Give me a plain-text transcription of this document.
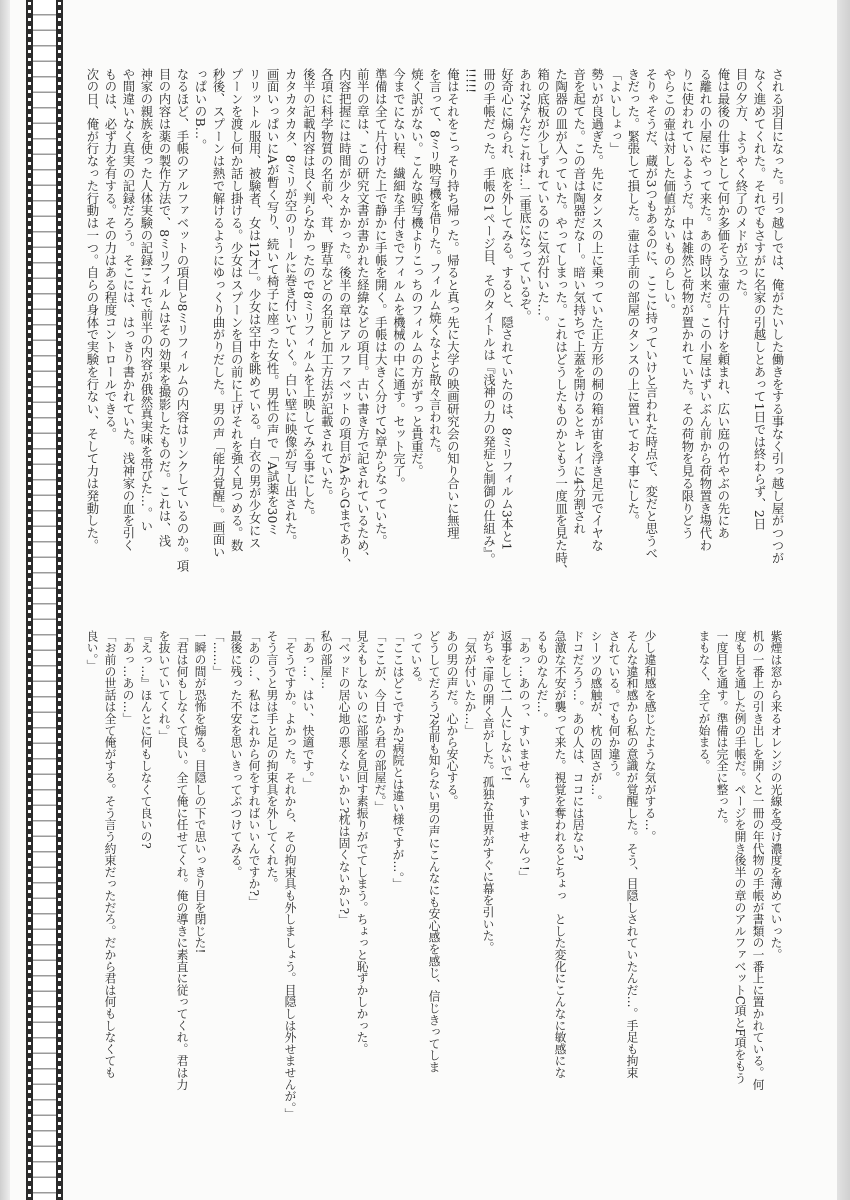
される羽目になった。引っ越しでは、俺がたいした働きをする事なく引っ越し屋がつつが
なく進めてくれた。それでもさすがに名家の引越しとあって1日では終わらず、2日
目の夕方、ようやく終了のメドが立った。
俺は最後の仕事として何か多価そうな壷の片付けを頼まれ、広い庭の竹やぶの先にあ
る離れの小屋にやって来た。あの時以来だ。この小屋はずいぶん前から荷物置き場代わ
りに使われているようだ。中は雑然と荷物が置かれていた。その荷物を見る限りどう
やらこの壷は対した価値がないものらしい。
そりゃそうだ、蔵が3つもあるのに、ここに持っていけと言われた時点で、変だと思うべ
きだった。緊張して損した。壷は手前の部屋のタンスの上に置いておく事にした。
「よいしょっ」
勢いが良過ぎた。先にタンスの上に乗っていた正方形の桐の箱が宙を浮き足元でイヤな
音を起てた。この音は陶器だなー。暗い気持ちで上蓋を開けるとキレイに4分割され
た陶器の皿が入っていた。やってしまった。これはどうしたものかともう一度皿を見た時、
箱の底板が少しずれているのに気が付いた…。
あれ?なんだこれは…二重底になっているぞ。
好奇心に煽られ、底を外してみる。すると、隠されていたのは、8ミリフィルム3本と1
冊の手帳だった。手帳の1ページ目、そのタイトルは『浅神の力の発症と制御の仕組み』。
!!!!!
俺はそれをこっそり持ち帰った。帰ると真っ先に大学の映画研究会の知り合いに無理
を言って、8ミリ映写機を借りた。フィルム焼くなよと散々言われた。
焼く訳がない。こんな映写機よりこっちのフィルムの方がずっと貴重だ。
今までにない程、繊細な手付きでフィルムを機械の中に通す。セット完了。
準備は全て片付けた上で静かに手帳を開く。手帳は大きく分けて2章からなっていた。
前半の章は、この研究文書が書かれた経緯などの項目。古い書き方で記されているため、
内容把握には時間が少々かかった。後半の章はアルファベットの項目がAからGまであり、
各項に科学物質の名前や、茸、野草などの名前と加工方法が記載されていた。
後半の記載内容は良く判らなかったので8ミリフィルムを上映してみる事にした。
カタカタカタ、8ミリが空のリールに巻き付いていく。白い壁に映像が写し出された。
画面いっぱいにAが暫く写り、続いて椅子に座った女性。男性の声で「A試薬を30ミ
リリットル服用、被験者、女は12才」。少女は空中を眺めている。白衣の男が少女にス
プーンを渡し何か話し掛ける。少女はスプーンを目の前に上げそれを強く見つめる。数
秒後、スプーンは熱で解けるようにゆっくり曲がりだした。男の声「能力覚醒」。画面い
っぱいのB…。
なるほど、手帳のアルファベットの項目と8ミリフィルムの内容はリンクしているのか。項
目の内容は薬の製作方法で、8ミリフィルムはその効果を撮影したものだ。これは、浅
神家の親族を使った人体実験の記録!これで前半の内容が俄然真実味を帯びた…。い
や間違いなく真実の記録だろう。そこには、はっきり書かれていた。浅神家の血を引く
ものは、必ず力を有する。その力はある程度コントロールできる。
次の日、俺が行なった行動は一つ。自らの身体で実験を行ない、そして力は発動した。
紫煙は窓から来るオレンジの光線を受け濃度を薄めていった。
机の一番上の引き出しを開くと一冊の年代物の手帳が書類の一番上に置かれている。何
度も目を通した例の手帳だ。ページを開き後半の章のアルファベットC項とF項をもう
一度目を通す。準備は完全に整った。
まもなく、全てが始まる。
少し違和感を感じたような気がする…。
そんな違和感から私の意識が覚醒した。そう、目隠しされていたんだ…。手足も拘束
されている。でも何か違う。
シーツの感触が、枕の固さが…。
ドコだろう…。あの人は、ココには居ない?
急激な不安が襲って来た。視覚を奪われるとちょっ　とした変化にこんなに敏感にな
るものなんだ…。
「あっ…あのっ、すいません。すいませんっ!」
返事をして!一人にしないで!
がちゃ!扉の開く音がした。孤独な世界がすぐに幕を引いた。
「気が付いたか…」
あの男の声だ。心から安心する。
どうしてだろう?名前も知らない男の声にこんなにも安心感を感じ、信じきってしま
っている。
「ここはどこですか?病院とは違い様ですが…。」
「ここが、今日から君の部屋だ。」
見えもしないのに部屋を見回す素振りがでてしまう。ちょっと恥ずかしかった。
「ベッドの居心地の悪くないかい?枕は固くないかい?」
私の部屋…
「あっ…、はい、快適です。」
「そうですか。よかった。それから、その拘束具も外しましょう。目隠しは外せませんが。」
そう言うと男は手と足の拘束具を外してくれた。
「あの…、私はこれから何をすればいいんですか?」
最後に残った不安を思いきってぶつけてみる。
「……」
一瞬の間が恐怖を煽る。目隠しの下で思いっきり目を閉じた!
「君は何もしなくて良い。全て俺に任せてくれ。俺の導きに素直に従ってくれ。君は力
を抜いていてくれ。」
『えっ…』ほんとに何もしなくて良いの?
「あっ…あの…」
「お前の世話は全て俺がする。そう言う約束だっただろ。だから君は何もしなくても
良い。」
